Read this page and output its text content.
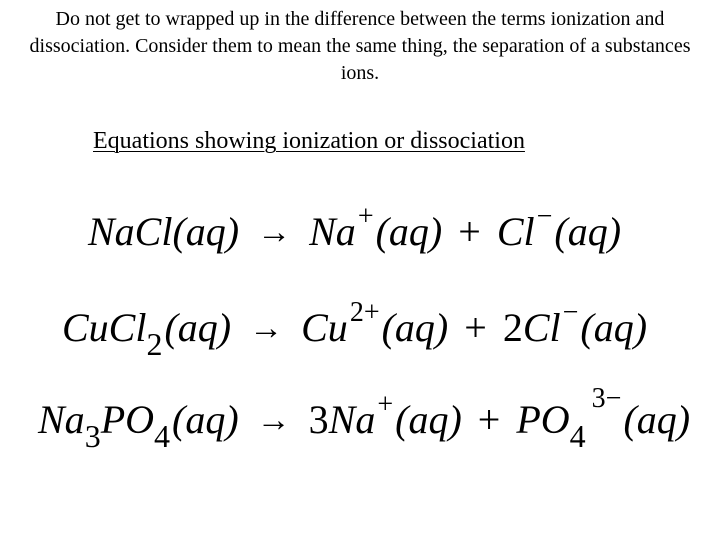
Do not get to wrapped up in the difference between the terms ionization and dissociation. Consider them to mean the same thing, the separation of a substances ions.
Equations showing ionization or dissociation
NaCl(aq) → Na+(aq) + Cl−(aq)
CuCl$_2$(aq) → $Cu^{2+}(aq) + 2Cl^-(aq)$
$Na_3PO_4(aq) \to 3Na^+(aq) + PO_4^{3-}(aq)$
